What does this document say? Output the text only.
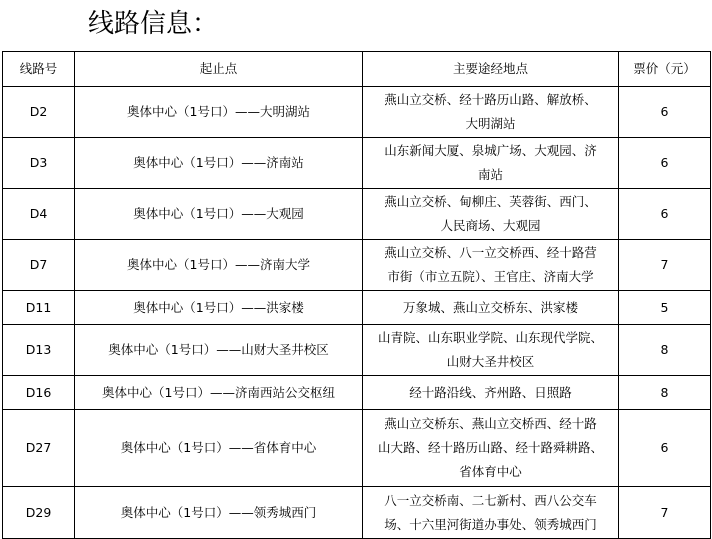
线路信息：
线路号	起止点	主要途经地点	票价（元）
D2	奥体中心（1号口）——大明湖站	燕山立交桥、经十路历山路、解放桥、
大明湖站	6
D3	奥体中心（1号口）——济南站	山东新闻大厦、泉城广场、大观园、济
南站	6
D4	奥体中心（1号口）——大观园	燕山立交桥、甸柳庄、芙蓉街、西门、
人民商场、大观园	6
D7	奥体中心（1号口）——济南大学	燕山立交桥、八一立交桥西、经十路营
市街（市立五院）、王官庄、济南大学	7
D11	奥体中心（1号口）——洪家楼	万象城、燕山立交桥东、洪家楼	5
D13	奥体中心（1号口）——山财大圣井校区	山青院、山东职业学院、山东现代学院、
山财大圣井校区	8
D16	奥体中心（1号口）——济南西站公交枢纽	经十路沿线、齐州路、日照路	8
D27	奥体中心（1号口）——省体育中心	燕山立交桥东、燕山立交桥西、经十路
山大路、经十路历山路、经十路舜耕路、
省体育中心	6
D29	奥体中心（1号口）——领秀城西门	八一立交桥南、二七新村、西八公交车
场、十六里河街道办事处、领秀城西门	7
